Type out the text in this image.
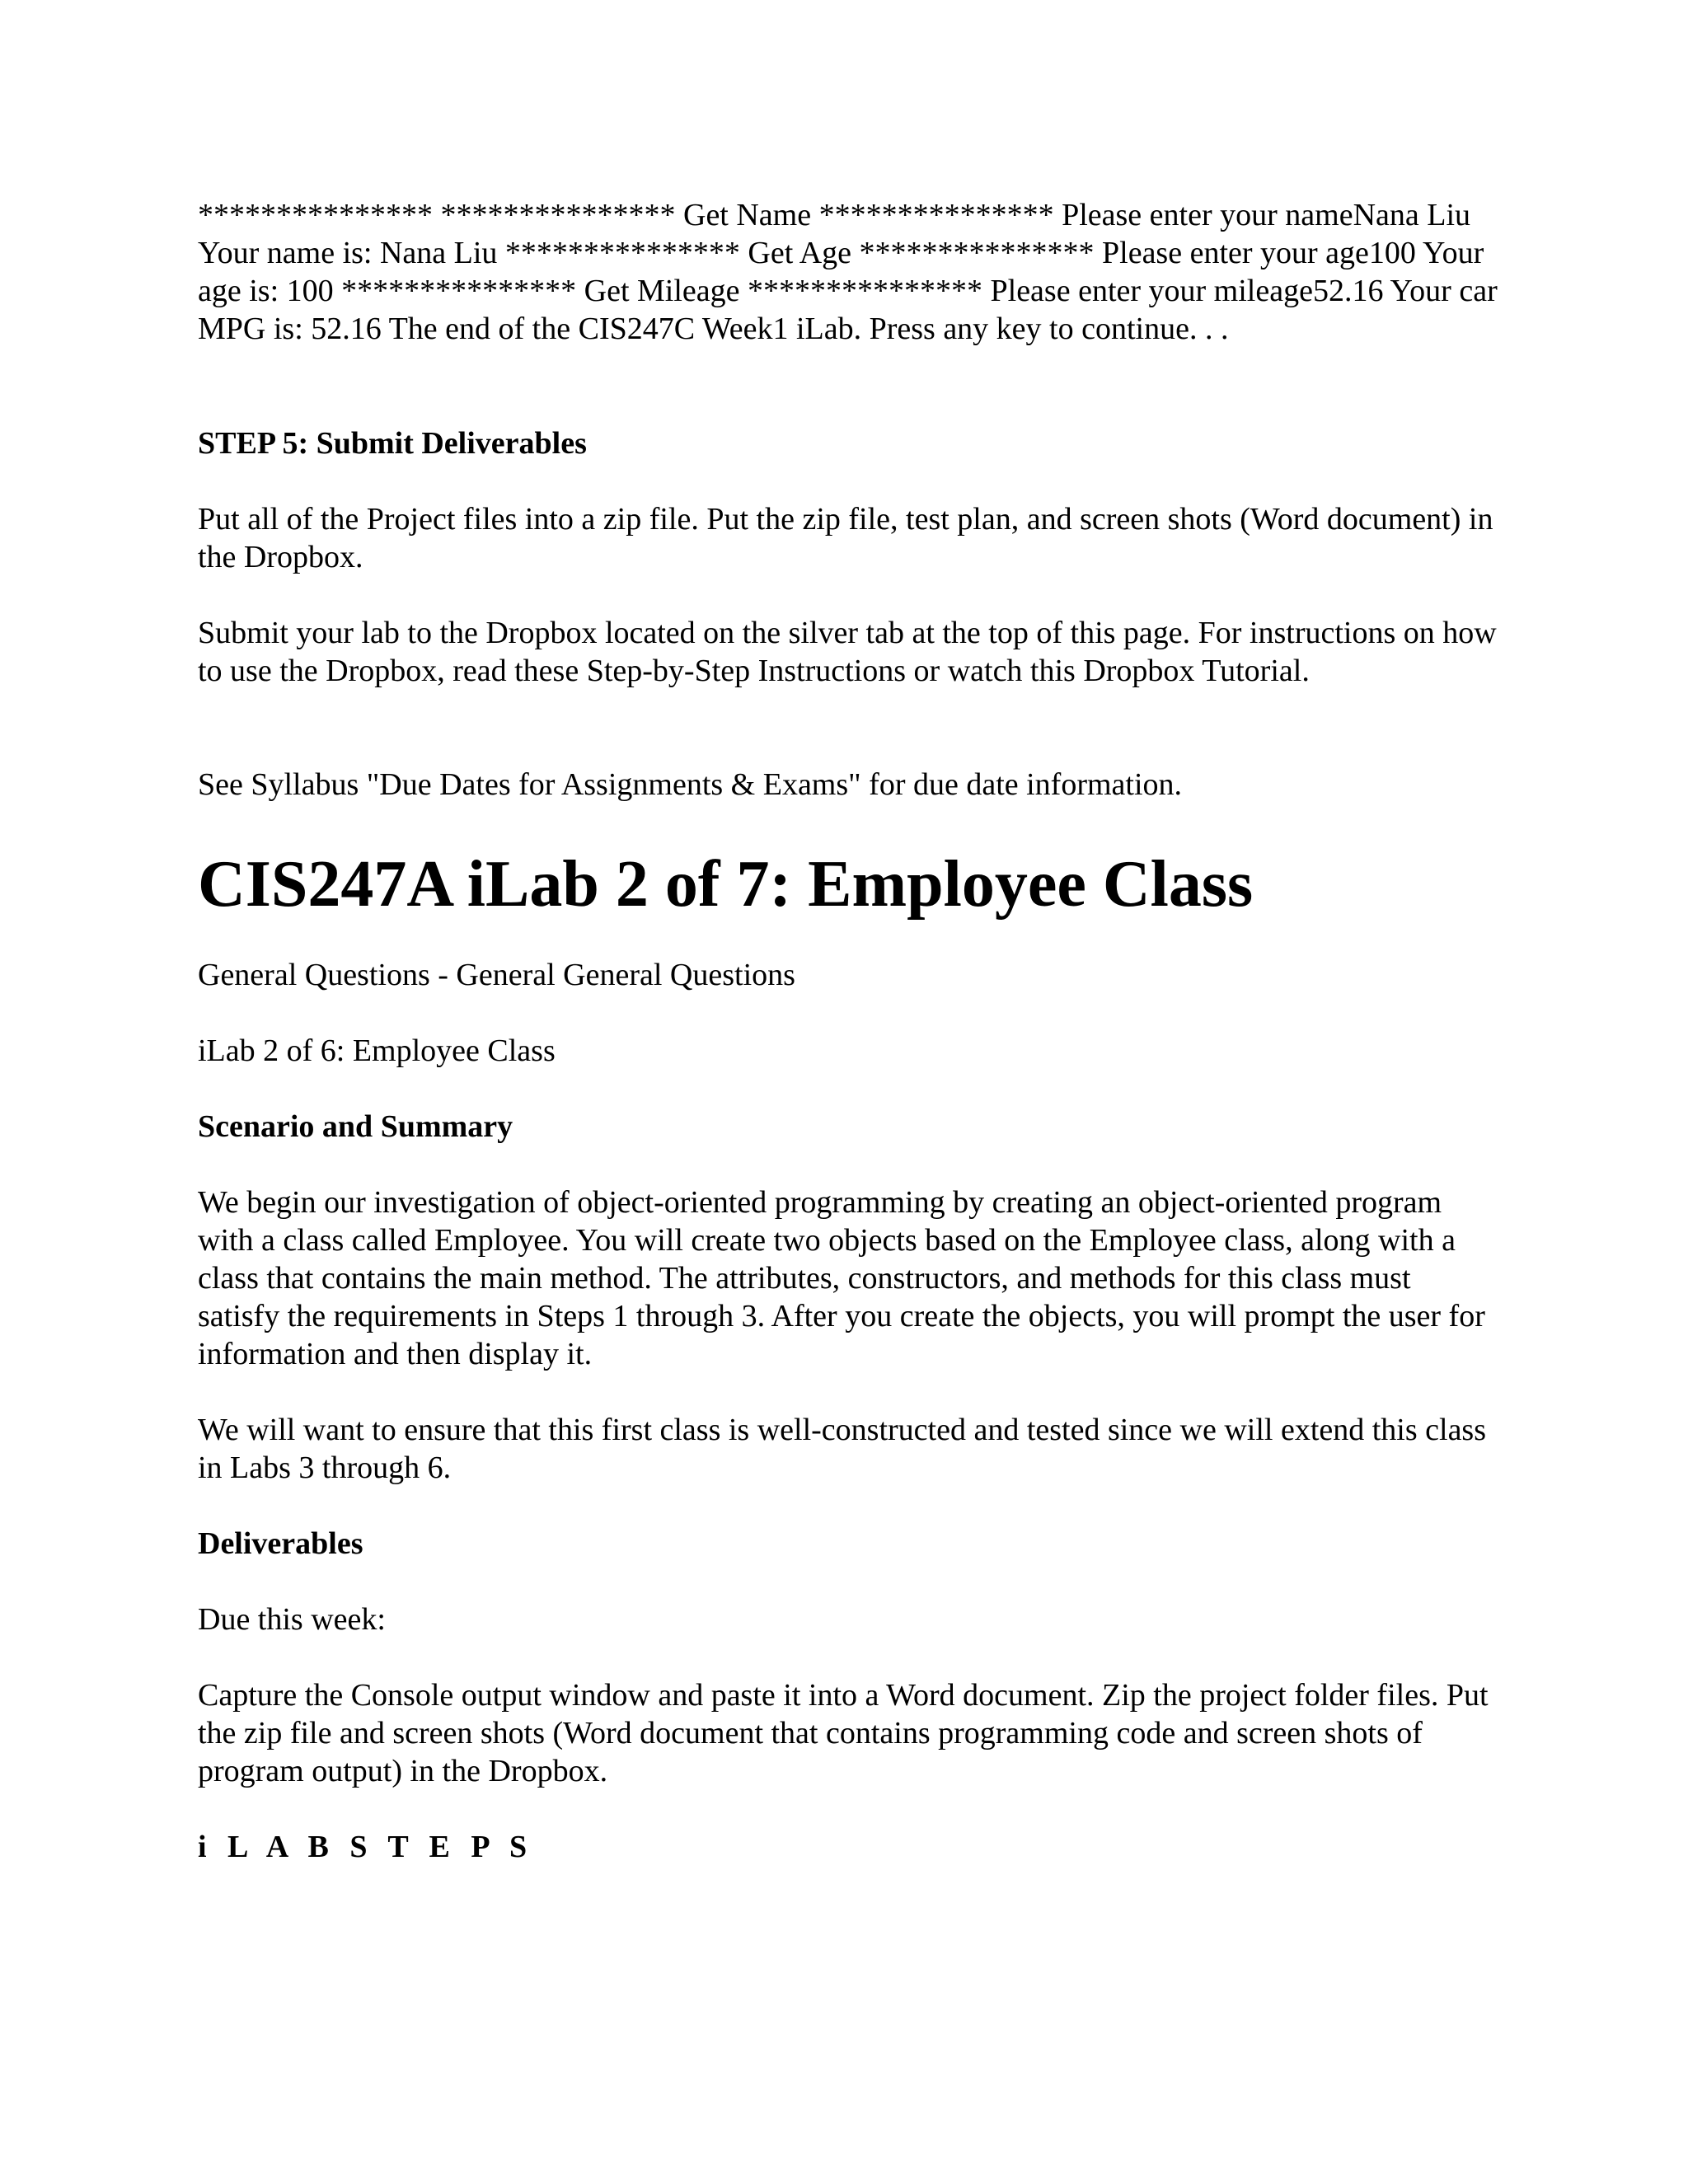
*************** *************** Get Name *************** Please enter your nameNana Liu Your name is: Nana Liu *************** Get Age *************** Please enter your age100 Your age is: 100 *************** Get Mileage *************** Please enter your mileage52.16 Your car MPG is: 52.16 The end of the CIS247C Week1 iLab. Press any key to continue. . .

STEP 5: Submit Deliverables

Put all of the Project files into a zip file. Put the zip file, test plan, and screen shots (Word document) in the Dropbox.

Submit your lab to the Dropbox located on the silver tab at the top of this page. For instructions on how to use the Dropbox, read these Step-by-Step Instructions or watch this Dropbox Tutorial.

See Syllabus "Due Dates for Assignments & Exams" for due date information.

CIS247A iLab 2 of 7: Employee Class

General Questions - General General Questions

iLab 2 of 6: Employee Class

Scenario and Summary

We begin our investigation of object-oriented programming by creating an object-oriented program with a class called Employee. You will create two objects based on the Employee class, along with a class that contains the main method. The attributes, constructors, and methods for this class must satisfy the requirements in Steps 1 through 3. After you create the objects, you will prompt the user for information and then display it.

We will want to ensure that this first class is well-constructed and tested since we will extend this class in Labs 3 through 6.

Deliverables

Due this week:

Capture the Console output window and paste it into a Word document. Zip the project folder files. Put the zip file and screen shots (Word document that contains programming code and screen shots of program output) in the Dropbox.

i L A B S T E P S
